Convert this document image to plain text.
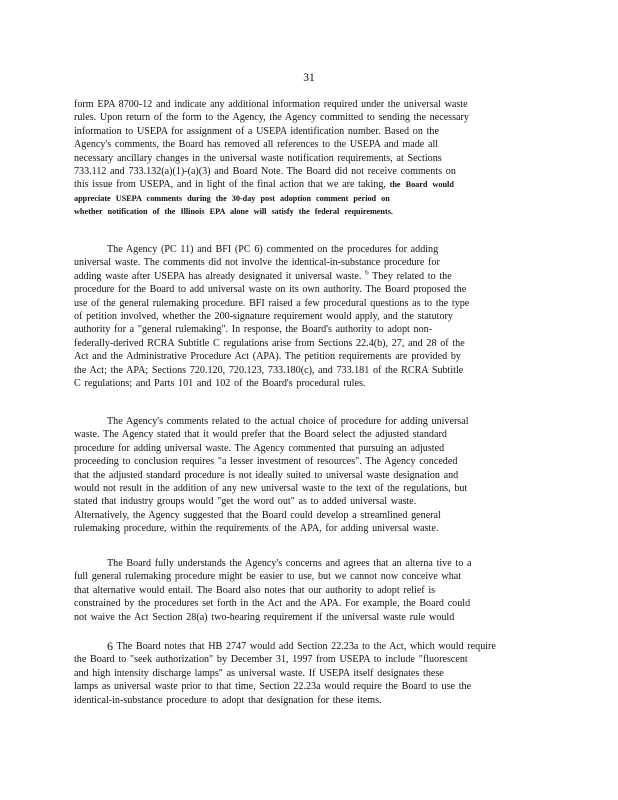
31
form EPA 8700-12 and indicate any additional information required under the universal waste
rules. Upon return of the form to the Agency, the Agency committed to sending the necessary
information to USEPA for assignment of a USEPA identification number. Based on the
Agency's comments, the Board has removed all references to the USEPA and made all
necessary ancillary changes in the universal waste notification requirements, at Sections
733.112 and 733.132(a)(1)-(a)(3) and Board Note. The Board did not receive comments on
this issue from USEPA, and in light of the final action that we are taking, the Board would
appreciate USEPA comments during the 30-day post adoption comment period on
whether notification of the Illinois EPA alone will satisfy the federal requirements.
The Agency (PC 11) and BFI (PC 6) commented on the procedures for adding
universal waste. The comments did not involve the identical-in-substance procedure for
adding waste after USEPA has already designated it universal waste. $^6$ They related to the
procedure for the Board to add universal waste on its own authority. The Board proposed the
use of the general rulemaking procedure. BFI raised a few procedural questions as to the type
of petition involved, whether the 200-signature requirement would apply, and the statutory
authority for a "general rulemaking". In response, the Board's authority to adopt non-
federally-derived RCRA Subtitle C regulations arise from Sections 22.4(b), 27, and 28 of the
Act and the Administrative Procedure Act (APA). The petition requirements are provided by
the Act; the APA; Sections 720.120, 720.123, 733.180(c), and 733.181 of the RCRA Subtitle
C regulations; and Parts 101 and 102 of the Board's procedural rules.
The Agency's comments related to the actual choice of procedure for adding universal
waste. The Agency stated that it would prefer that the Board select the adjusted standard
procedure for adding universal waste. The Agency commented that pursuing an adjusted
proceeding to conclusion requires "a lesser investment of resources". The Agency conceded
that the adjusted standard procedure is not ideally suited to universal waste designation and
would not result in the addition of any new universal waste to the text of the regulations, but
stated that industry groups would "get the word out" as to added universal waste.
Alternatively, the Agency suggested that the Board could develop a streamlined general
rulemaking procedure, within the requirements of the APA, for adding universal waste.
The Board fully understands the Agency's concerns and agrees that an alterna tive to a
full general rulemaking procedure might be easier to use, but we cannot now conceive what
that alternative would entail. The Board also notes that our authority to adopt relief is
constrained by the procedures set forth in the Act and the APA. For example, the Board could
not waive the Act Section 28(a) two-hearing requirement if the universal waste rule would
6 The Board notes that HB 2747 would add Section 22.23a to the Act, which would require
the Board to "seek authorization" by December 31, 1997 from USEPA to include "fluorescent
and high intensity discharge lamps" as universal waste. If USEPA itself designates these
lamps as universal waste prior to that time, Section 22.23a would require the Board to use the
identical-in-substance procedure to adopt that designation for these items.
